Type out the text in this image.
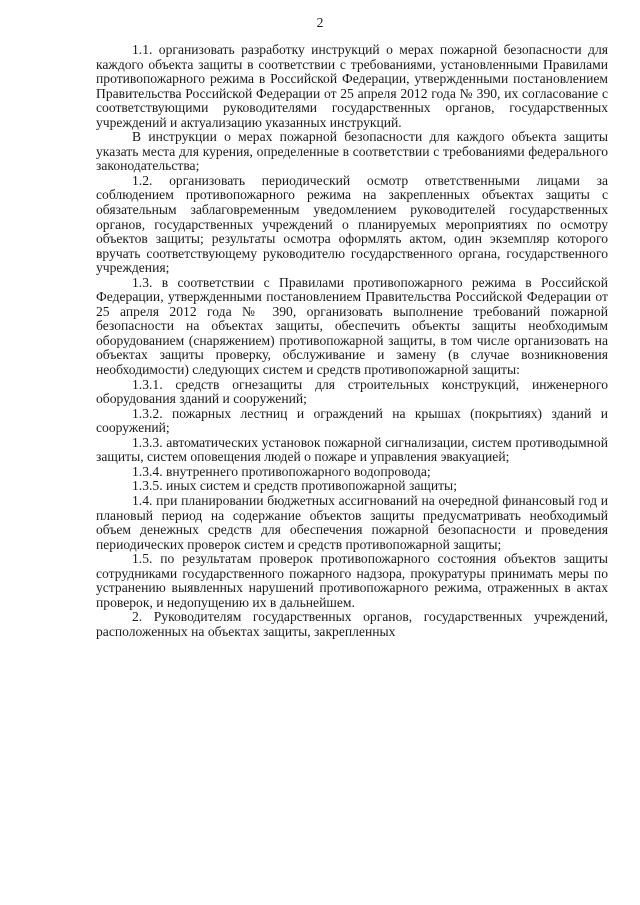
2

1.1. организовать разработку инструкций о мерах пожарной безопасности для каждого объекта защиты в соответствии с требованиями, установленными Правилами противопожарного режима в Российской Федерации, утвержденными постановлением Правительства Российской Федерации от 25 апреля 2012 года № 390, их согласование с соответствующими руководителями государственных органов, государственных учреждений и актуализацию указанных инструкций.

В инструкции о мерах пожарной безопасности для каждого объекта защиты указать места для курения, определенные в соответствии с требованиями федерального законодательства;

1.2. организовать периодический осмотр ответственными лицами за соблюдением противопожарного режима на закрепленных объектах защиты с обязательным заблаговременным уведомлением руководителей государственных органов, государственных учреждений о планируемых мероприятиях по осмотру объектов защиты; результаты осмотра оформлять актом, один экземпляр которого вручать соответствующему руководителю государственного органа, государственного учреждения;

1.3. в соответствии с Правилами противопожарного режима в Российской Федерации, утвержденными постановлением Правительства Российской Федерации от 25 апреля 2012 года № 390, организовать выполнение требований пожарной безопасности на объектах защиты, обеспечить объекты защиты необходимым оборудованием (снаряжением) противопожарной защиты, в том числе организовать на объектах защиты проверку, обслуживание и замену (в случае возникновения необходимости) следующих систем и средств противопожарной защиты:

1.3.1. средств огнезащиты для строительных конструкций, инженерного оборудования зданий и сооружений;

1.3.2. пожарных лестниц и ограждений на крышах (покрытиях) зданий и сооружений;

1.3.3. автоматических установок пожарной сигнализации, систем противодымной защиты, систем оповещения людей о пожаре и управления эвакуацией;

1.3.4. внутреннего противопожарного водопровода;

1.3.5. иных систем и средств противопожарной защиты;

1.4. при планировании бюджетных ассигнований на очередной финансовый год и плановый период на содержание объектов защиты предусматривать необходимый объем денежных средств для обеспечения пожарной безопасности и проведения периодических проверок систем и средств противопожарной защиты;

1.5. по результатам проверок противопожарного состояния объектов защиты сотрудниками государственного пожарного надзора, прокуратуры принимать меры по устранению выявленных нарушений противопожарного режима, отраженных в актах проверок, и недопущению их в дальнейшем.

2. Руководителям государственных органов, государственных учреждений, расположенных на объектах защиты, закрепленных
